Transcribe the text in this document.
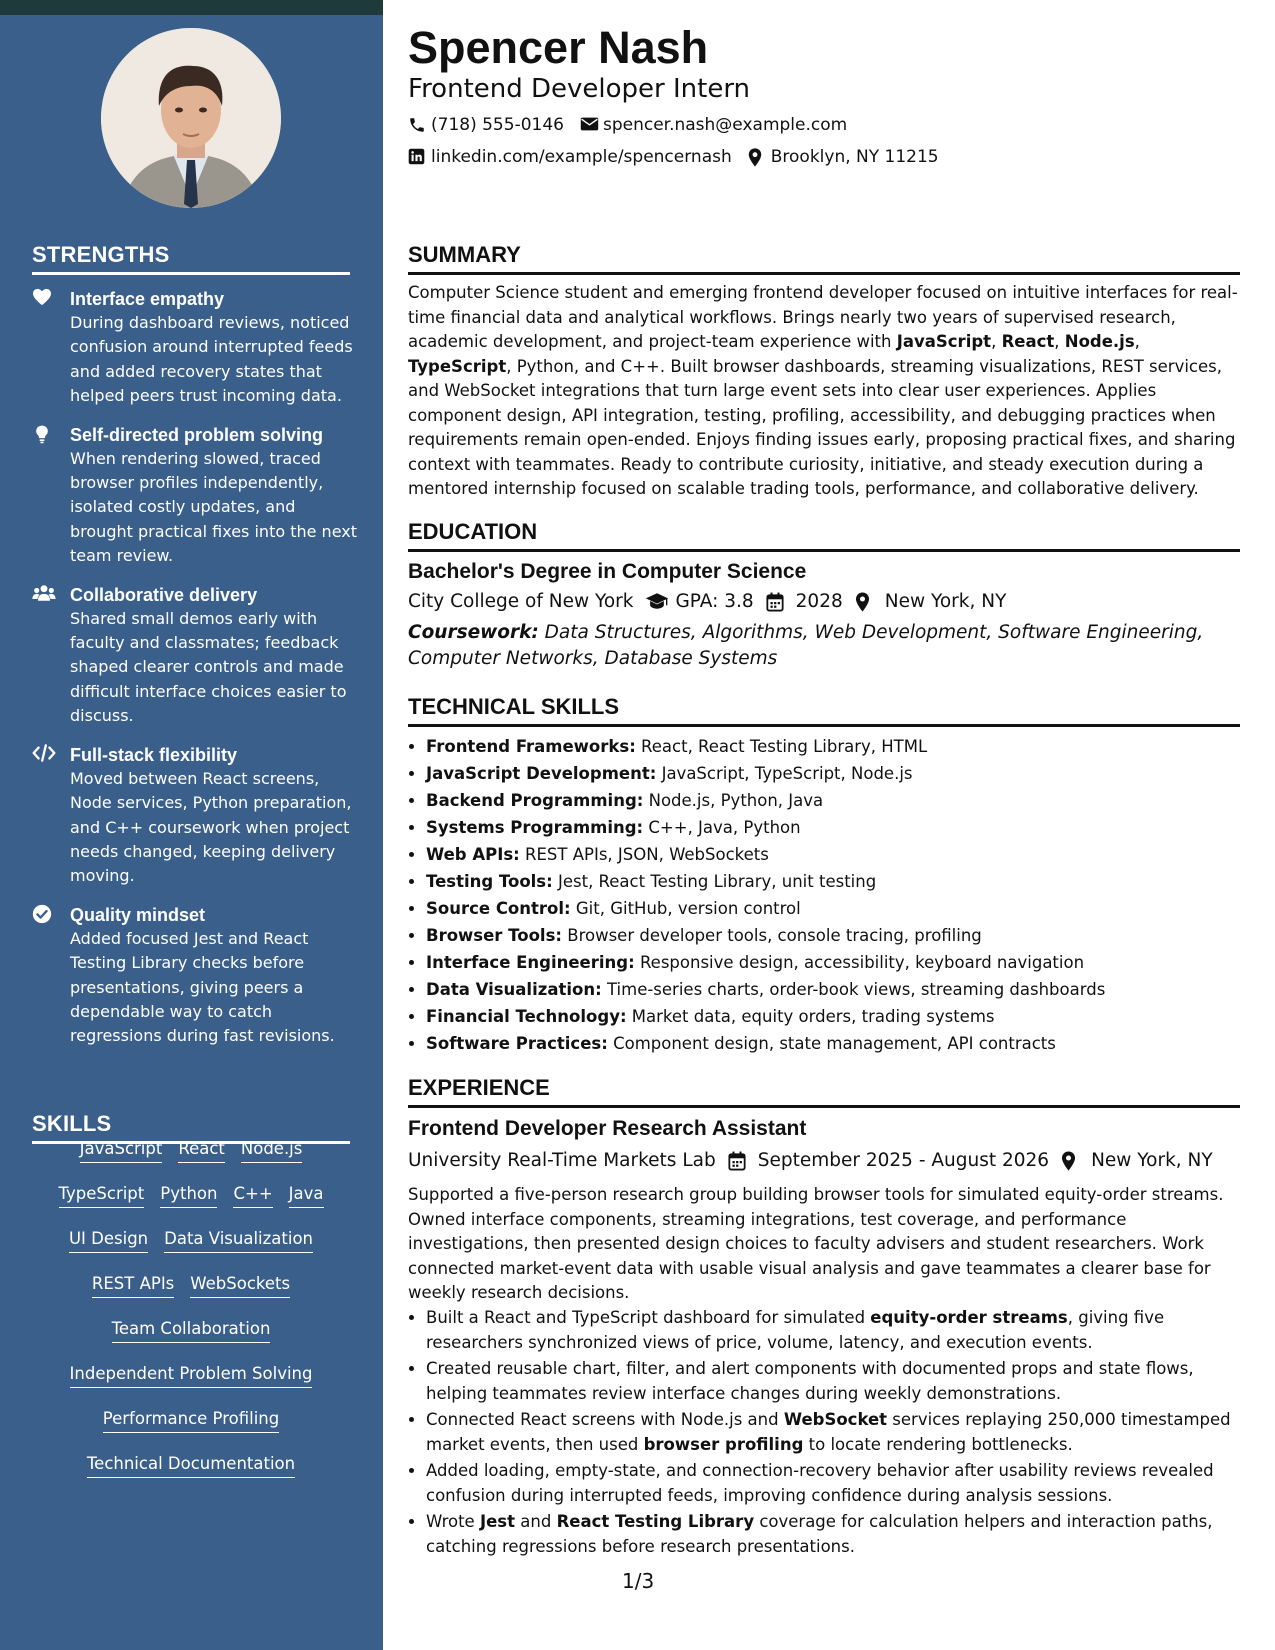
STRENGTHS
Interface empathy
During dashboard reviews, noticed confusion around interrupted feeds and added recovery states that helped peers trust incoming data.
Self-directed problem solving
When rendering slowed, traced browser profiles independently, isolated costly updates, and brought practical fixes into the next team review.
Collaborative delivery
Shared small demos early with faculty and classmates; feedback shaped clearer controls and made difficult interface choices easier to discuss.
Full-stack flexibility
Moved between React screens, Node services, Python preparation, and C++ coursework when project needs changed, keeping delivery moving.
Quality mindset
Added focused Jest and React Testing Library checks before presentations, giving peers a dependable way to catch regressions during fast revisions.
SKILLS
JavaScript React Node.js
TypeScript Python C++ Java
UI Design Data Visualization
REST APIs WebSockets
Team Collaboration
Independent Problem Solving
Performance Profiling
Technical Documentation
Spencer Nash
Frontend Developer Intern
(718) 555-0146 spencer.nash@example.com
linkedin.com/example/spencernash Brooklyn, NY 11215
SUMMARY
Computer Science student and emerging frontend developer focused on intuitive interfaces for real-time financial data and analytical workflows. Brings nearly two years of supervised research, academic development, and project-team experience with JavaScript, React, Node.js, TypeScript, Python, and C++. Built browser dashboards, streaming visualizations, REST services, and WebSocket integrations that turn large event sets into clear user experiences. Applies component design, API integration, testing, profiling, accessibility, and debugging practices when requirements remain open-ended. Enjoys finding issues early, proposing practical fixes, and sharing context with teammates. Ready to contribute curiosity, initiative, and steady execution during a mentored internship focused on scalable trading tools, performance, and collaborative delivery.
EDUCATION
Bachelor's Degree in Computer Science
City College of New York GPA: 3.8 2028 New York, NY
Coursework: Data Structures, Algorithms, Web Development, Software Engineering, Computer Networks, Database Systems
TECHNICAL SKILLS
• Frontend Frameworks: React, React Testing Library, HTML
• JavaScript Development: JavaScript, TypeScript, Node.js
• Backend Programming: Node.js, Python, Java
• Systems Programming: C++, Java, Python
• Web APIs: REST APIs, JSON, WebSockets
• Testing Tools: Jest, React Testing Library, unit testing
• Source Control: Git, GitHub, version control
• Browser Tools: Browser developer tools, console tracing, profiling
• Interface Engineering: Responsive design, accessibility, keyboard navigation
• Data Visualization: Time-series charts, order-book views, streaming dashboards
• Financial Technology: Market data, equity orders, trading systems
• Software Practices: Component design, state management, API contracts
EXPERIENCE
Frontend Developer Research Assistant
University Real-Time Markets Lab September 2025 - August 2026 New York, NY
Supported a five-person research group building browser tools for simulated equity-order streams. Owned interface components, streaming integrations, test coverage, and performance investigations, then presented design choices to faculty advisers and student researchers. Work connected market-event data with usable visual analysis and gave teammates a clearer base for weekly research decisions.
• Built a React and TypeScript dashboard for simulated equity-order streams, giving five researchers synchronized views of price, volume, latency, and execution events.
• Created reusable chart, filter, and alert components with documented props and state flows, helping teammates review interface changes during weekly demonstrations.
• Connected React screens with Node.js and WebSocket services replaying 250,000 timestamped market events, then used browser profiling to locate rendering bottlenecks.
• Added loading, empty-state, and connection-recovery behavior after usability reviews revealed confusion during interrupted feeds, improving confidence during analysis sessions.
• Wrote Jest and React Testing Library coverage for calculation helpers and interaction paths, catching regressions before research presentations.
1/3
